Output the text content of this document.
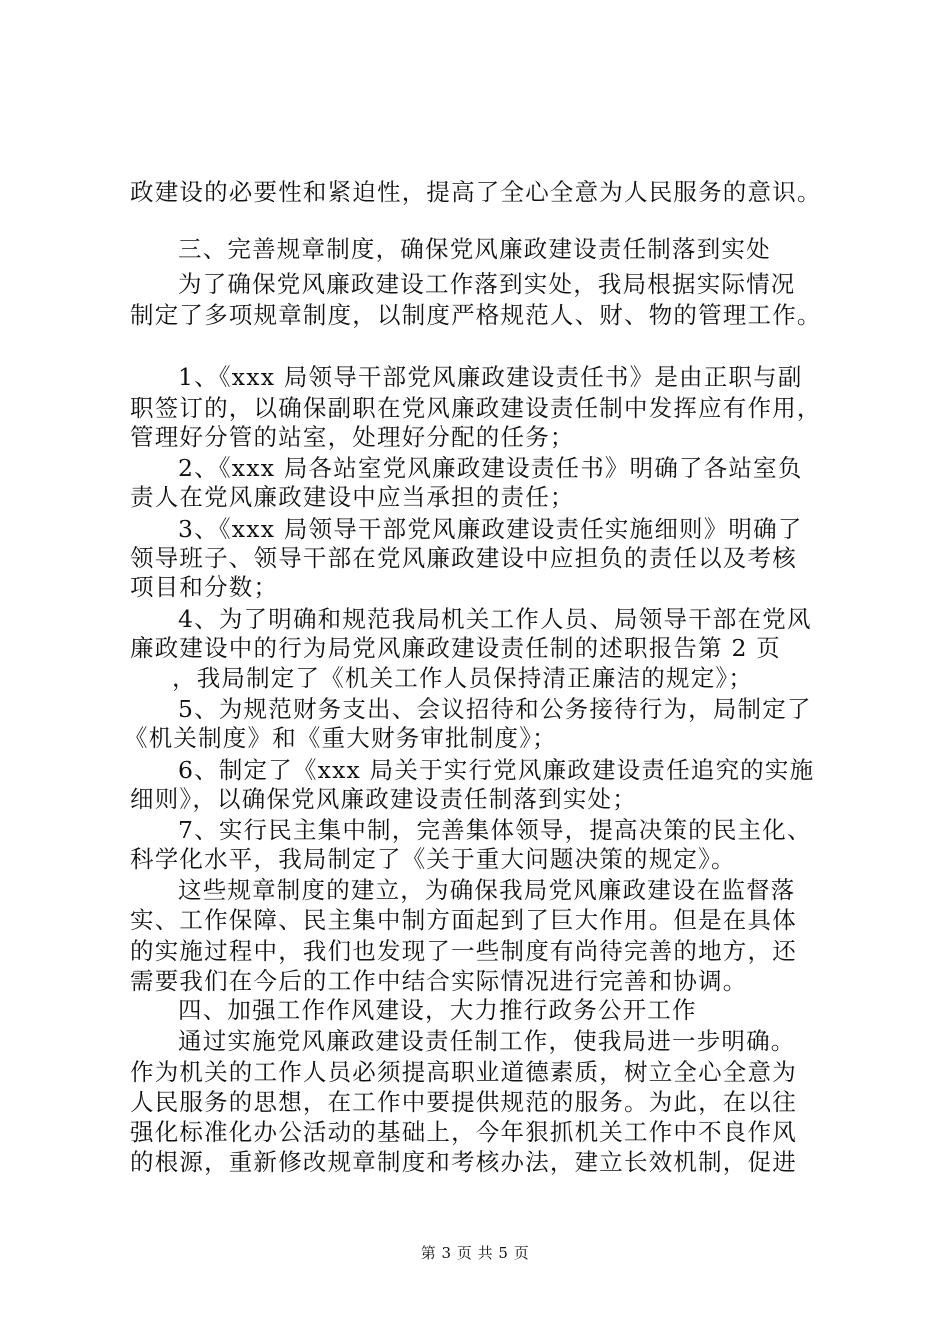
政建设的必要性和紧迫性，提高了全心全意为人民服务的意识。
三、完善规章制度，确保党风廉政建设责任制落到实处
为了确保党风廉政建设工作落到实处，我局根据实际情况
制定了多项规章制度，以制度严格规范人、财、物的管理工作。
1、《xxx 局领导干部党风廉政建设责任书》是由正职与副
职签订的，以确保副职在党风廉政建设责任制中发挥应有作用，
管理好分管的站室，处理好分配的任务；
2、《xxx 局各站室党风廉政建设责任书》明确了各站室负
责人在党风廉政建设中应当承担的责任；
3、《xxx 局领导干部党风廉政建设责任实施细则》明确了
领导班子、领导干部在党风廉政建设中应担负的责任以及考核
项目和分数；
4、为了明确和规范我局机关工作人员、局领导干部在党风
廉政建设中的行为局党风廉政建设责任制的述职报告第 2 页
，我局制定了《机关工作人员保持清正廉洁的规定》；
5、为规范财务支出、会议招待和公务接待行为，局制定了
《机关制度》和《重大财务审批制度》；
6、制定了《xxx 局关于实行党风廉政建设责任追究的实施
细则》，以确保党风廉政建设责任制落到实处；
7、实行民主集中制，完善集体领导，提高决策的民主化、
科学化水平，我局制定了《关于重大问题决策的规定》。
这些规章制度的建立，为确保我局党风廉政建设在监督落
实、工作保障、民主集中制方面起到了巨大作用。但是在具体
的实施过程中，我们也发现了一些制度有尚待完善的地方，还
需要我们在今后的工作中结合实际情况进行完善和协调。
四、加强工作作风建设，大力推行政务公开工作
通过实施党风廉政建设责任制工作，使我局进一步明确。
作为机关的工作人员必须提高职业道德素质，树立全心全意为
人民服务的思想，在工作中要提供规范的服务。为此，在以往
强化标准化办公活动的基础上，今年狠抓机关工作中不良作风
的根源，重新修改规章制度和考核办法，建立长效机制，促进
第 3 页 共 5 页
